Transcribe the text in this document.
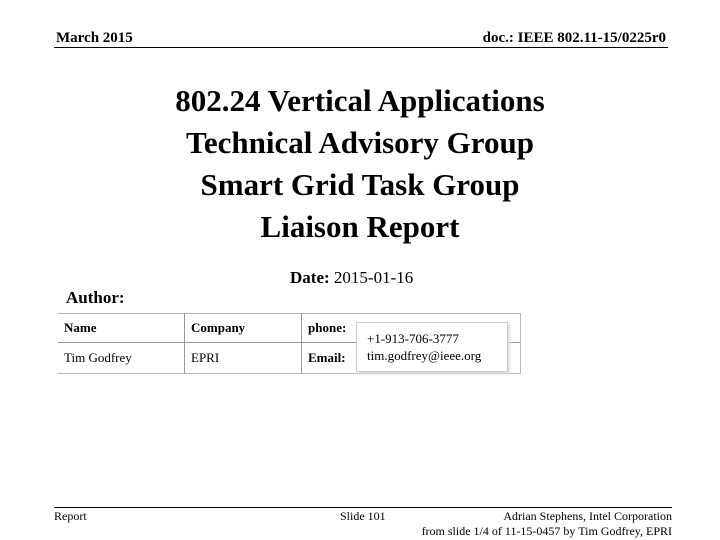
March 2015	doc.: IEEE 802.11-15/0225r0
802.24 Vertical Applications
Technical Advisory Group
Smart Grid Task Group
Liaison Report
Date: 2015-01-16
Author:
Name	Company	phone:	
Tim Godfrey	EPRI	Email:	
+1-913-706-3777
tim.godfrey@ieee.org
Report	Slide 101	Adrian Stephens, Intel Corporation
from slide 1/4 of 11-15-0457 by Tim Godfrey, EPRI
